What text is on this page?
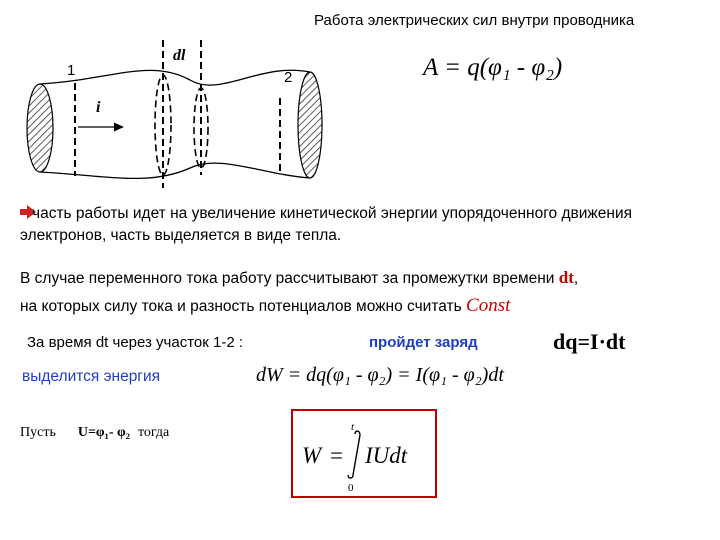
Работа электрических сил внутри проводника
1	2
dl
i
A = q(φ₁ - φ₂)
часть работы идет на увеличение кинетической энергии упорядоченного движения электронов, часть выделяется в виде тепла.
В случае переменного тока работу рассчитывают за промежутки времени dt,
на которых силу тока и разность потенциалов можно считать Const
За время dt через участок 1-2 :	пройдет заряд	dq=I·dt
выделится энергия	dW = dq(φ₁ - φ₂) = I(φ₁ - φ₂)dt
Пусть U=φ₁- φ₂ тогда
W =
t
0
IUdt
